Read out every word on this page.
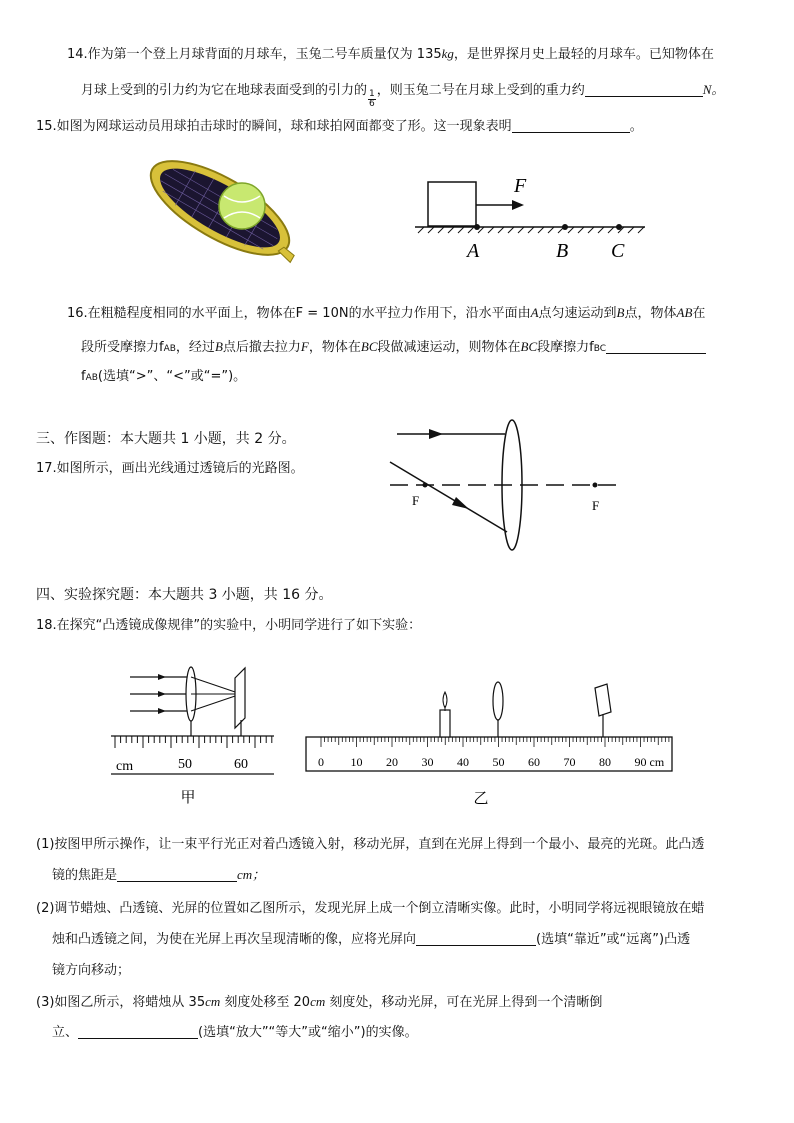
14.作为第一个登上月球背面的月球车，玉兔二号车质量仅为 135kg，是世界探月史上最轻的月球车。已知物体在
月球上受到的引力约为它在地球表面受到的引力的 $\frac{1}{6}$ ，则玉兔二号在月球上受到的重力约	N。
15.如图为网球运动员用球拍击球时的瞬间，球和球拍网面都变了形。这一现象表明	。
F
A	B C
16.在粗糙程度相同的水平面上，物体在F = 10N的水平拉力作用下，沿水平面由A点匀速运动到B点，物体AB在
段所受摩擦力fAB，经过B点后撤去拉力F，物体在BC段做减速运动，则物体在BC段摩擦力fBC
fAB(选填“>”、“<”或“=”)。
三、作图题：本大题共 1 小题，共 2 分。
17.如图所示，画出光线通过透镜后的光路图。
F	F
四、实验探究题：本大题共 3 小题，共 16 分。
18.在探究“凸透镜成像规律”的实验中，小明同学进行了如下实验：
cm	50	60
甲
0 10 20 30 40 50 60 70 80 90 cm
乙
(1)按图甲所示操作，让一束平行光正对着凸透镜入射，移动光屏，直到在光屏上得到一个最小、最亮的光斑。此凸透
镜的焦距是	cm；
(2)调节蜡烛、凸透镜、光屏的位置如乙图所示，发现光屏上成一个倒立清晰实像。此时，小明同学将远视眼镜放在蜡
烛和凸透镜之间，为使在光屏上再次呈现清晰的像，应将光屏向	(选填“靠近”或“远离”)凸透
镜方向移动；
(3)如图乙所示，将蜡烛从 35cm 刻度处移至 20cm 刻度处，移动光屏，可在光屏上得到一个清晰倒
立、	(选填“放大”“等大”或“缩小”)的实像。
